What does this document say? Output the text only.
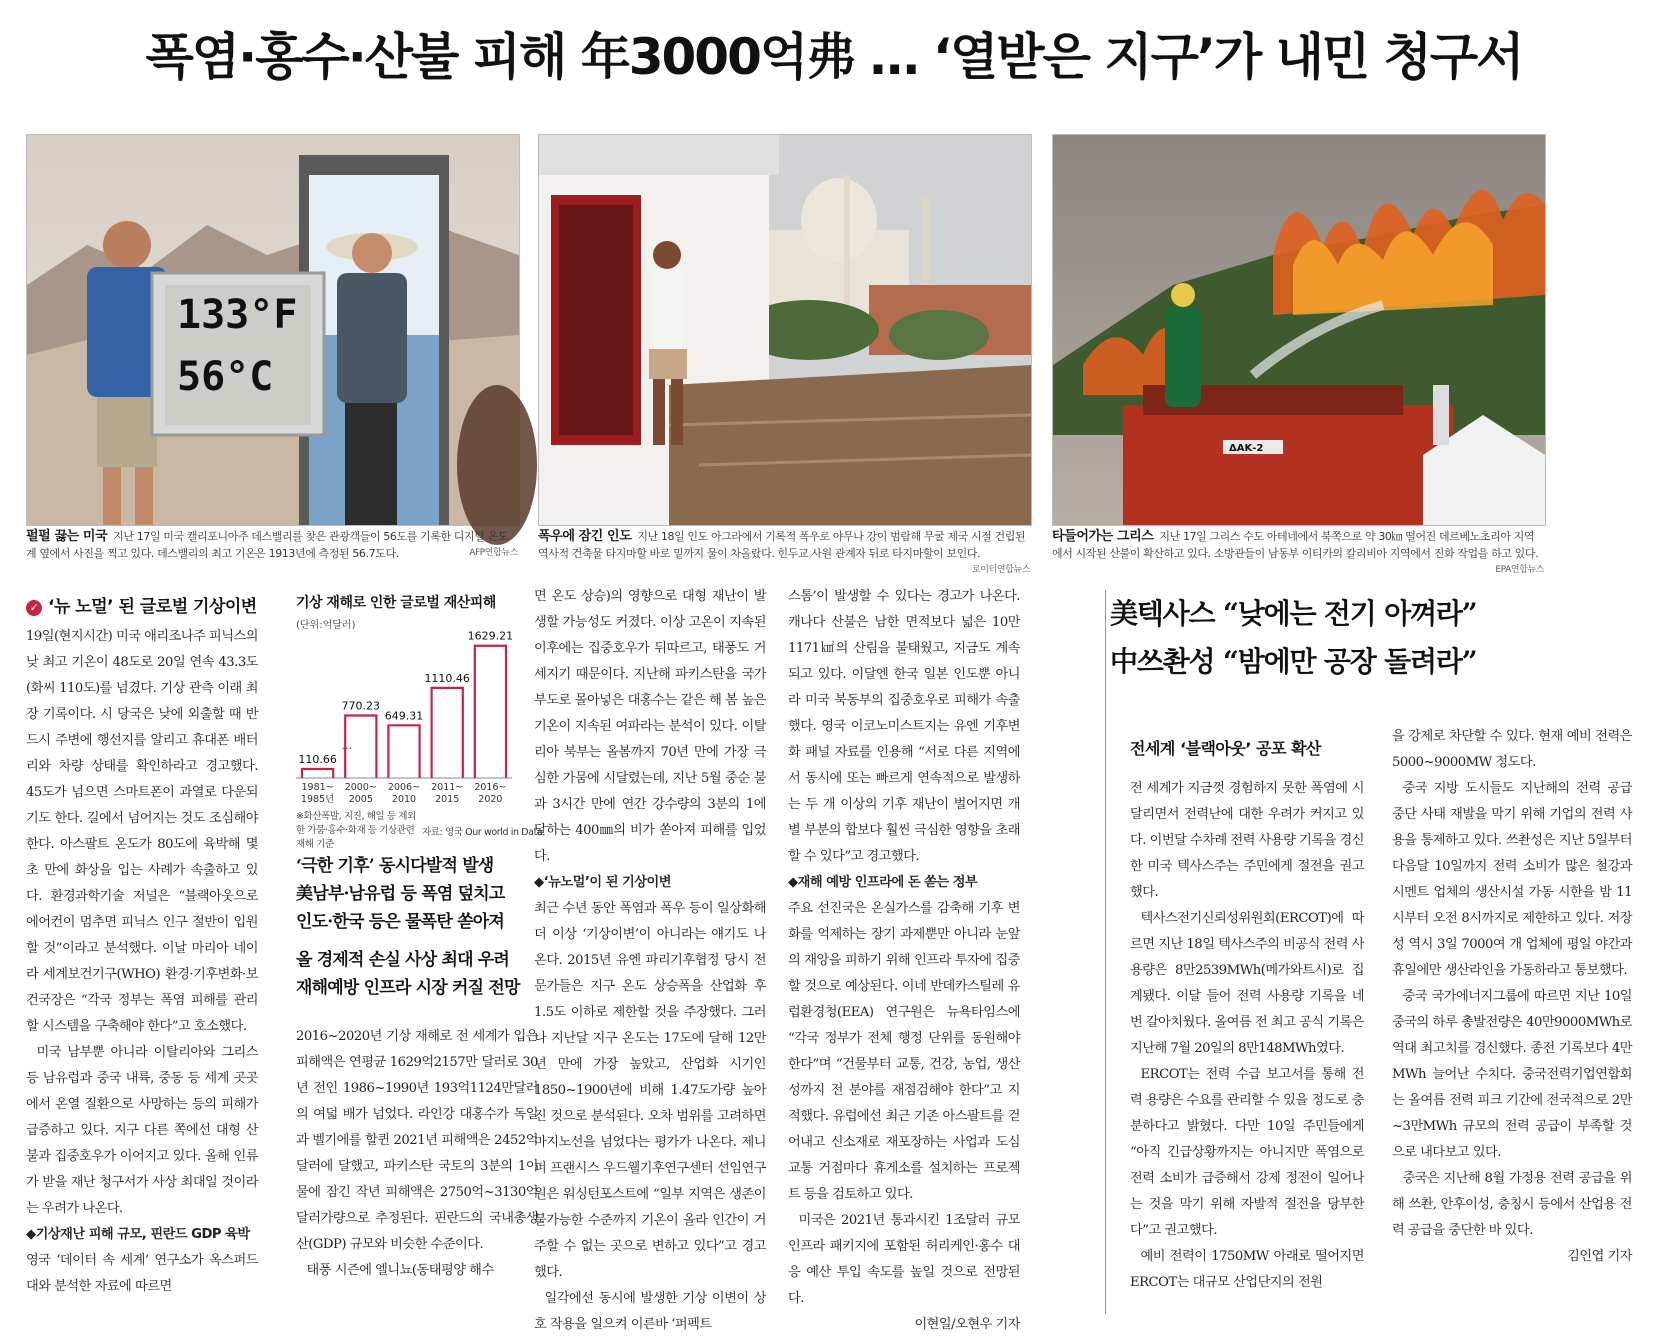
폭염·홍수·산불 피해 年3000억弗 … ‘열받은 지구’가 내민 청구서
133°F
56°C
펄펄 끓는 미국 지난 17일 미국 캘리포니아주 데스밸리를 찾은 관광객들이 56도를 기록한 디지털 온도계 옆에서 사진을 찍고 있다. 데스밸리의 최고 기온은 1913년에 측정된 56.7도다.	AFP연합뉴스
폭우에 잠긴 인도 지난 18일 인도 아그라에서 기록적 폭우로 야무나 강이 범람해 무굴 제국 시절 건립된 역사적 건축물 타지마할 바로 밑까지 물이 차올랐다. 힌두교 사원 관계자 뒤로 타지마할이 보인다.
로이터연합뉴스
ΔΑΚ-2
타들어가는 그리스 지난 17일 그리스 수도 아테네에서 북쪽으로 약 30㎞ 떨어진 데르베노초리아 지역에서 시작된 산불이 확산하고 있다. 소방관들이 남동부 이티카의 칼리비아 지역에서 진화 작업을 하고 있다.
EPA연합뉴스
✓ ‘뉴 노멀’ 된 글로벌 기상이변

19일(현지시간) 미국 애리조나주 피닉스의 낮 최고 기온이 48도로 20일 연속 43.3도(화씨 110도)를 넘겼다. 기상 관측 이래 최장 기록이다. 시 당국은 낮에 외출할 때 반드시 주변에 행선지를 알리고 휴대폰 배터리와 차량 상태를 확인하라고 경고했다. 45도가 넘으면 스마트폰이 과열로 다운되기도 한다. 길에서 넘어지는 것도 조심해야 한다. 아스팔트 온도가 80도에 육박해 몇 초 만에 화상을 입는 사례가 속출하고 있다. 환경과학기술 저널은 “블랙아웃으로 에어컨이 멈추면 피닉스 인구 절반이 입원할 것”이라고 분석했다. 이날 마리아 네이라 세계보건기구(WHO) 환경·기후변화·보건국장은 “각국 정부는 폭염 피해를 관리할 시스템을 구축해야 한다”고 호소했다.

미국 남부뿐 아니라 이탈리아와 그리스 등 남유럽과 중국 내륙, 중동 등 세계 곳곳에서 온열 질환으로 사망하는 등의 피해가 급증하고 있다. 지구 다른 쪽에선 대형 산불과 집중호우가 이어지고 있다. 올해 인류가 받을 재난 청구서가 사상 최대일 것이라는 우려가 나온다.

◆기상재난 피해 규모, 핀란드 GDP 육박

영국 ‘데이터 속 세계’ 연구소가 옥스퍼드대와 분석한 자료에 따르면

기상 재해로 인한 글로벌 재산피해
(단위:억달러)
110.66
1981~
1985년
770.23
2000~
2005
649.31
2006~
2010
1110.46
2011~
2015
1629.21
2016~
2020
…
※화산폭발, 지진, 해일 등 제외한 가뭄·홍수·화재 등 기상관련 재해 기준
자료: 영국 Our world in Data
‘극한 기후’ 동시다발적 발생
美남부·남유럽 등 폭염 덮치고
인도·한국 등은 물폭탄 쏟아져
올 경제적 손실 사상 최대 우려
재해예방 인프라 시장 커질 전망

2016~2020년 기상 재해로 전 세계가 입은 피해액은 연평균 1629억2157만 달러로 30년 전인 1986~1990년 193억1124만달러의 여덟 배가 넘었다. 라인강 대홍수가 독일과 벨기에를 할퀸 2021년 피해액은 2452억달러에 달했고, 파키스탄 국토의 3분의 1이 물에 잠긴 작년 피해액은 2750억~3130억달러가량으로 추정된다. 핀란드의 국내총생산(GDP) 규모와 비슷한 수준이다.

태풍 시즌에 엘니뇨(동태평양 해수

면 온도 상승)의 영향으로 대형 재난이 발생할 가능성도 커졌다. 이상 고온이 지속된 이후에는 집중호우가 뒤따르고, 태풍도 거세지기 때문이다. 지난해 파키스탄을 국가 부도로 몰아넣은 대홍수는 같은 해 봄 높은 기온이 지속된 여파라는 분석이 있다. 이탈리아 북부는 올봄까지 70년 만에 가장 극심한 가뭄에 시달렸는데, 지난 5월 중순 불과 3시간 만에 연간 강수량의 3분의 1에 달하는 400㎜의 비가 쏟아져 피해를 입었다.

◆‘뉴노멀’이 된 기상이변

최근 수년 동안 폭염과 폭우 등이 일상화해 더 이상 ‘기상이변’이 아니라는 얘기도 나온다. 2015년 유엔 파리기후협정 당시 전문가들은 지구 온도 상승폭을 산업화 후 1.5도 이하로 제한할 것을 주장했다. 그러나 지난달 지구 온도는 17도에 달해 12만 년 만에 가장 높았고, 산업화 시기인 1850~1900년에 비해 1.47도가량 높아진 것으로 분석된다. 오차 범위를 고려하면 마지노선을 넘었다는 평가가 나온다. 제니퍼 프랜시스 우드웰기후연구센터 선임연구원은 워싱턴포스트에 “일부 지역은 생존이 불가능한 수준까지 기온이 올라 인간이 거주할 수 없는 곳으로 변하고 있다”고 경고했다.

일각에선 동시에 발생한 기상 이변이 상호 작용을 일으켜 이른바 ‘퍼펙트

스톰’이 발생할 수 있다는 경고가 나온다. 캐나다 산불은 남한 면적보다 넓은 10만1171㎢의 산림을 불태웠고, 지금도 계속되고 있다. 이달엔 한국 일본 인도뿐 아니라 미국 북동부의 집중호우로 피해가 속출했다. 영국 이코노미스트지는 유엔 기후변화 패널 자료를 인용해 “서로 다른 지역에서 동시에 또는 빠르게 연속적으로 발생하는 두 개 이상의 기후 재난이 벌어지면 개별 부분의 합보다 훨씬 극심한 영향을 초래할 수 있다”고 경고했다.

◆재해 예방 인프라에 돈 쏟는 정부

주요 선진국은 온실가스를 감축해 기후 변화를 억제하는 장기 과제뿐만 아니라 눈앞의 재앙을 피하기 위해 인프라 투자에 집중할 것으로 예상된다. 이네 반데카스틸레 유럽환경청(EEA) 연구원은 뉴욕타임스에 “각국 정부가 전체 행정 단위를 동원해야 한다”며 “건물부터 교통, 건강, 농업, 생산성까지 전 분야를 재점검해야 한다”고 지적했다. 유럽에선 최근 기존 아스팔트를 걷어내고 신소재로 재포장하는 사업과 도심 교통 거점마다 휴게소를 설치하는 프로젝트 등을 검토하고 있다.

미국은 2021년 통과시킨 1조달러 규모 인프라 패키지에 포함된 허리케인·홍수 대응 예산 투입 속도를 높일 것으로 전망된다.

이현일/오현우 기자

美텍사스 “낮에는 전기 아껴라”
中쓰촨성 “밤에만 공장 돌려라”
전세계 ‘블랙아웃’ 공포 확산

전 세계가 지금껏 경험하지 못한 폭염에 시달리면서 전력난에 대한 우려가 커지고 있다. 이번달 수차례 전력 사용량 기록을 경신한 미국 텍사스주는 주민에게 절전을 권고했다.

텍사스전기신뢰성위원회(ERCOT)에 따르면 지난 18일 텍사스주의 비공식 전력 사용량은 8만2539MWh(메가와트시)로 집계됐다. 이달 들어 전력 사용량 기록을 네 번 갈아치웠다. 올여름 전 최고 공식 기록은 지난해 7월 20일의 8만148MWh였다.

ERCOT는 전력 수급 보고서를 통해 전력 용량은 수요를 관리할 수 있을 정도로 충분하다고 밝혔다. 다만 10일 주민들에게 “아직 긴급상황까지는 아니지만 폭염으로 전력 소비가 급증해서 강제 정전이 일어나는 것을 막기 위해 자발적 절전을 당부한다”고 권고했다.

예비 전력이 1750MW 아래로 떨어지면 ERCOT는 대규모 산업단지의 전원

을 강제로 차단할 수 있다. 현재 예비 전력은 5000~9000MW 정도다.

중국 지방 도시들도 지난해의 전력 공급 중단 사태 재발을 막기 위해 기업의 전력 사용을 통제하고 있다. 쓰촨성은 지난 5일부터 다음달 10일까지 전력 소비가 많은 철강과 시멘트 업체의 생산시설 가동 시한을 밤 11시부터 오전 8시까지로 제한하고 있다. 저장성 역시 3일 7000여 개 업체에 평일 야간과 휴일에만 생산라인을 가동하라고 통보했다.

중국 국가에너지그룹에 따르면 지난 10일 중국의 하루 총발전량은 40만9000MWh로 역대 최고치를 경신했다. 종전 기록보다 4만MWh 늘어난 수치다. 중국전력기업연합회는 올여름 전력 피크 기간에 전국적으로 2만~3만MWh 규모의 전력 공급이 부족할 것으로 내다보고 있다.

중국은 지난해 8월 가정용 전력 공급을 위해 쓰촨, 안후이성, 충칭시 등에서 산업용 전력 공급을 중단한 바 있다.

김인엽 기자
